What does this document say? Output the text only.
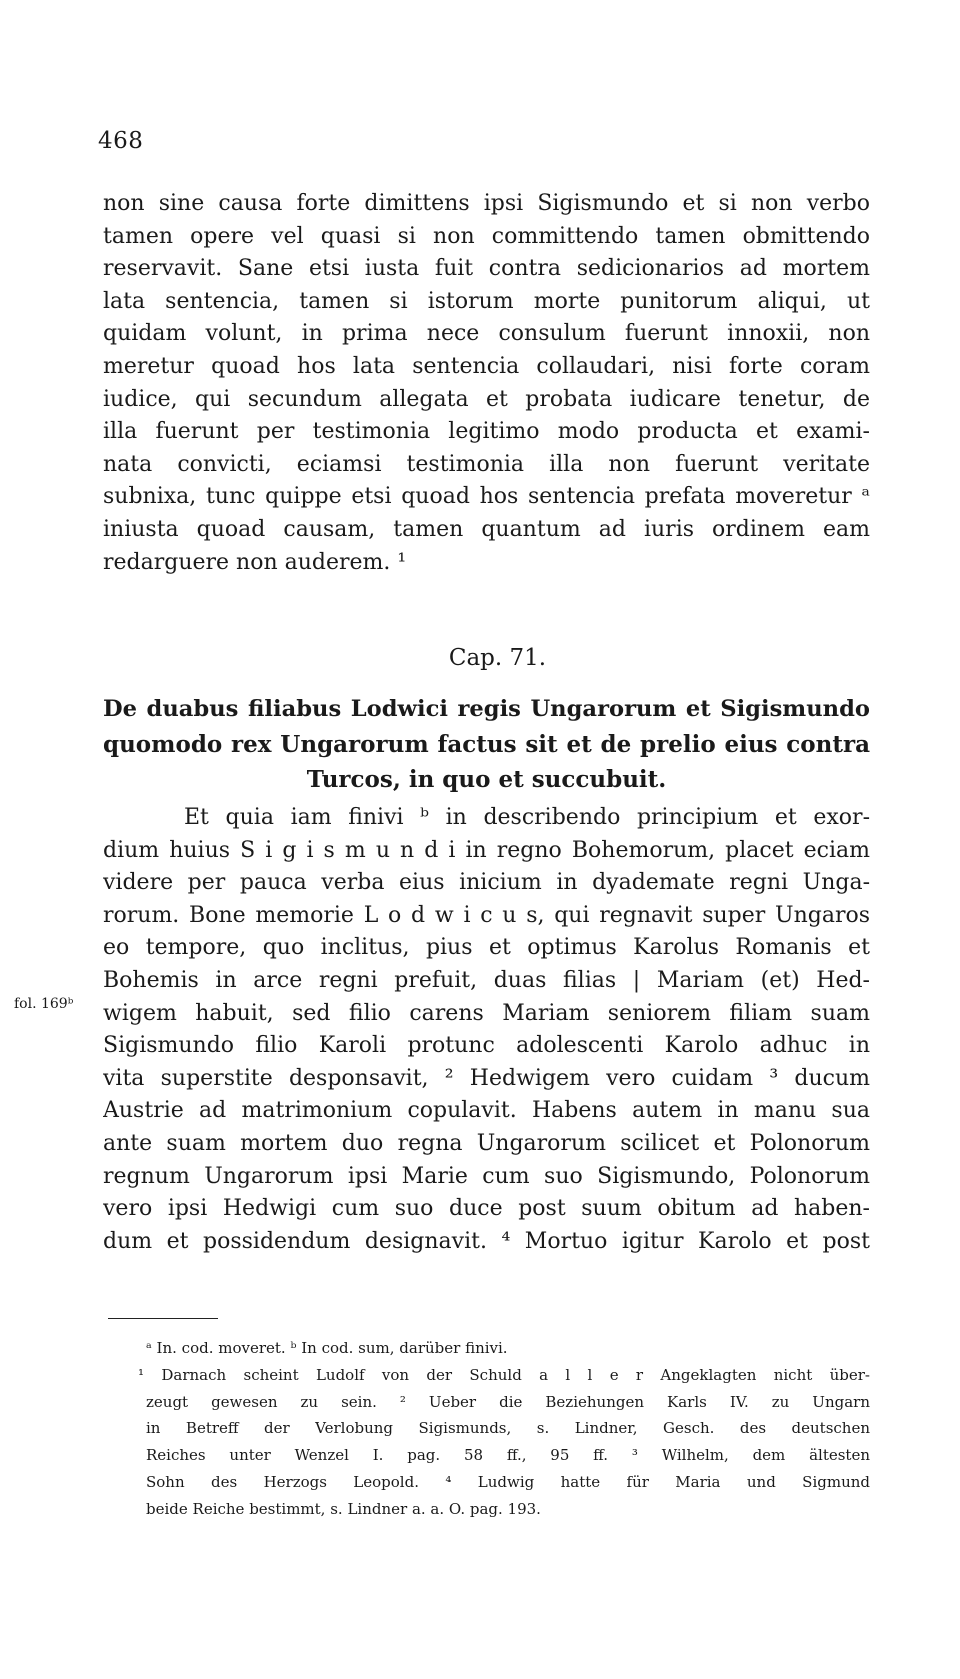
468
non sine causa forte dimittens ipsi Sigismundo et si non verbo
tamen opere vel quasi si non committendo tamen obmittendo
reservavit. Sane etsi iusta fuit contra sedicionarios ad mortem
lata sentencia, tamen si istorum morte punitorum aliqui, ut
quidam volunt, in prima nece consulum fuerunt innoxii, non
meretur quoad hos lata sentencia collaudari, nisi forte coram
iudice, qui secundum allegata et probata iudicare tenetur, de
illa fuerunt per testimonia legitimo modo producta et exami-
nata convicti, eciamsi testimonia illa non fuerunt veritate
subnixa, tunc quippe etsi quoad hos sentencia prefata moveretur ᵃ
iniusta quoad causam, tamen quantum ad iuris ordinem eam
redarguere non auderem. ¹
Cap. 71.
De duabus filiabus Lodwici regis Ungarorum et Sigismundo
quomodo rex Ungarorum factus sit et de prelio eius contra
Turcos, in quo et succubuit.
Et quia iam finivi ᵇ in describendo principium et exor-
dium huius S i g i s m u n d i in regno Bohemorum, placet eciam
videre per pauca verba eius inicium in dyademate regni Unga-
rorum. Bone memorie L o d w i c u s, qui regnavit super Ungaros
eo tempore, quo inclitus, pius et optimus Karolus Romanis et
Bohemis in arce regni prefuit, duas filias | Mariam (et) Hed-
wigem habuit, sed filio carens Mariam seniorem filiam suam
Sigismundo filio Karoli protunc adolescenti Karolo adhuc in
vita superstite desponsavit, ² Hedwigem vero cuidam ³ ducum
Austrie ad matrimonium copulavit. Habens autem in manu sua
ante suam mortem duo regna Ungarorum scilicet et Polonorum
regnum Ungarorum ipsi Marie cum suo Sigismundo, Polonorum
vero ipsi Hedwigi cum suo duce post suum obitum ad haben-
dum et possidendum designavit. ⁴ Mortuo igitur Karolo et post
fol. 169ᵇ
ᵃ In. cod. moveret. ᵇ In cod. sum, darüber finivi.
¹ Darnach scheint Ludolf von der Schuld a l l e r Angeklagten nicht über-
zeugt gewesen zu sein. ² Ueber die Beziehungen Karls IV. zu Ungarn
in Betreff der Verlobung Sigismunds, s. Lindner, Gesch. des deutschen
Reiches unter Wenzel I. pag. 58 ff., 95 ff. ³ Wilhelm, dem ältesten
Sohn des Herzogs Leopold. ⁴ Ludwig hatte für Maria und Sigmund
beide Reiche bestimmt, s. Lindner a. a. O. pag. 193.
